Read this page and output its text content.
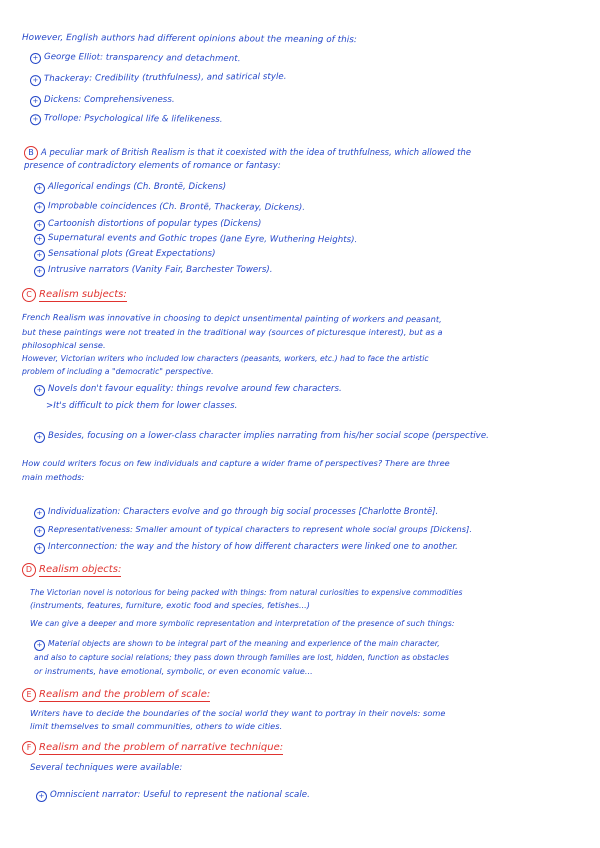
However, English authors had different opinions about the meaning of this:
+ George Elliot: transparency and detachment.
+ Thackeray: Credibility (truthfulness), and satirical style.
+ Dickens: Comprehensiveness.
+ Trollope: Psychological life & lifelikeness.
B A peculiar mark of British Realism is that it coexisted with the idea of truthfulness, which allowed the
presence of contradictory elements of romance or fantasy:
+ Allegorical endings (Ch. Brontë, Dickens)
+ Improbable coincidences (Ch. Brontë, Thackeray, Dickens).
+ Cartoonish distortions of popular types (Dickens)
+ Supernatural events and Gothic tropes (Jane Eyre, Wuthering Heights).
+ Sensational plots (Great Expectations)
+ Intrusive narrators (Vanity Fair, Barchester Towers).
C Realism subjects:
French Realism was innovative in choosing to depict unsentimental painting of workers and peasant,
but these paintings were not treated in the traditional way (sources of picturesque interest), but as a
philosophical sense.
However, Victorian writers who included low characters (peasants, workers, etc.) had to face the artistic
problem of including a "democratic" perspective.
+ Novels don't favour equality: things revolve around few characters.
>It's difficult to pick them for lower classes.
+ Besides, focusing on a lower-class character implies narrating from his/her social scope (perspective.
How could writers focus on few individuals and capture a wider frame of perspectives? There are three
main methods:
+ Individualization: Characters evolve and go through big social processes [Charlotte Brontë].
+ Representativeness: Smaller amount of typical characters to represent whole social groups [Dickens].
+ Interconnection: the way and the history of how different characters were linked one to another.
D Realism objects:
The Victorian novel is notorious for being packed with things: from natural curiosities to expensive commodities
(instruments, features, furniture, exotic food and species, fetishes...)
We can give a deeper and more symbolic representation and interpretation of the presence of such things:
+ Material objects are shown to be integral part of the meaning and experience of the main character,
and also to capture social relations; they pass down through families are lost, hidden, function as obstacles
or instruments, have emotional, symbolic, or even economic value...
E Realism and the problem of scale:
Writers have to decide the boundaries of the social world they want to portray in their novels: some
limit themselves to small communities, others to wide cities.
F Realism and the problem of narrative technique:
Several techniques were available:
+ Omniscient narrator: Useful to represent the national scale.
